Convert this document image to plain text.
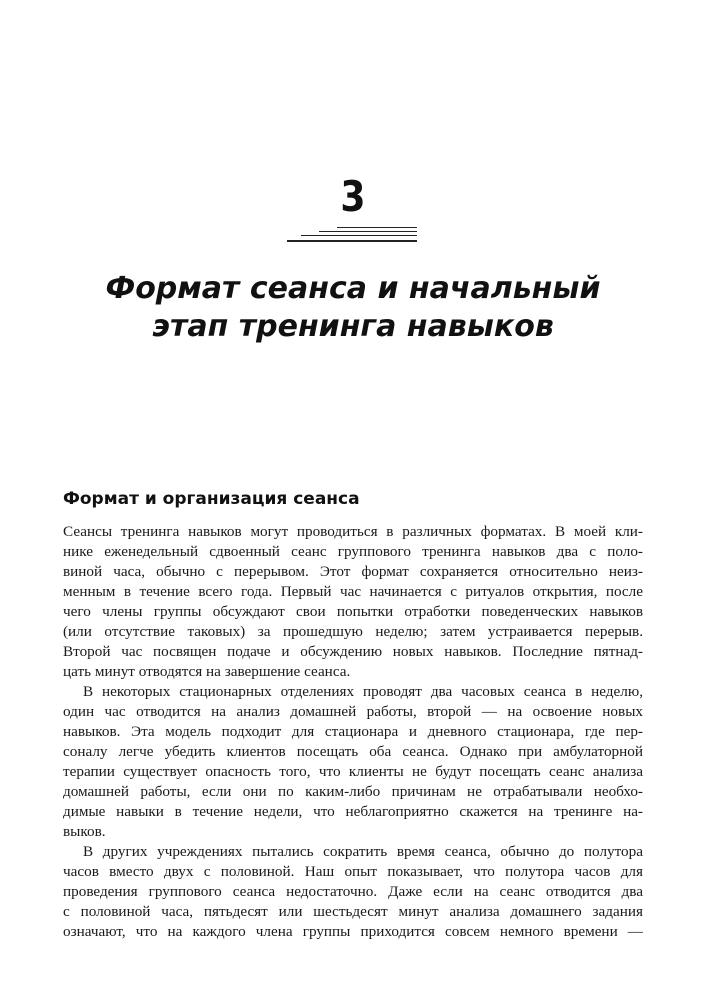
3
Формат сеанса и начальный
этап тренинга навыков
Формат и организация сеанса
Сеансы тренинга навыков могут проводиться в различных форматах. В моей кли-
нике еженедельный сдвоенный сеанс группового тренинга навыков два с поло-
виной часа, обычно с перерывом. Этот формат сохраняется относительно неиз-
менным в течение всего года. Первый час начинается с ритуалов открытия, после
чего члены группы обсуждают свои попытки отработки поведенческих навыков
(или отсутствие таковых) за прошедшую неделю; затем устраивается перерыв.
Второй час посвящен подаче и обсуждению новых навыков. Последние пятнад-
цать минут отводятся на завершение сеанса.
В некоторых стационарных отделениях проводят два часовых сеанса в неделю,
один час отводится на анализ домашней работы, второй — на освоение новых
навыков. Эта модель подходит для стационара и дневного стационара, где пер-
соналу легче убедить клиентов посещать оба сеанса. Однако при амбулаторной
терапии существует опасность того, что клиенты не будут посещать сеанс анализа
домашней работы, если они по каким-либо причинам не отрабатывали необхо-
димые навыки в течение недели, что неблагоприятно скажется на тренинге на-
выков.
В других учреждениях пытались сократить время сеанса, обычно до полутора
часов вместо двух с половиной. Наш опыт показывает, что полутора часов для
проведения группового сеанса недостаточно. Даже если на сеанс отводится два
с половиной часа, пятьдесят или шестьдесят минут анализа домашнего задания
означают, что на каждого члена группы приходится совсем немного времени —
